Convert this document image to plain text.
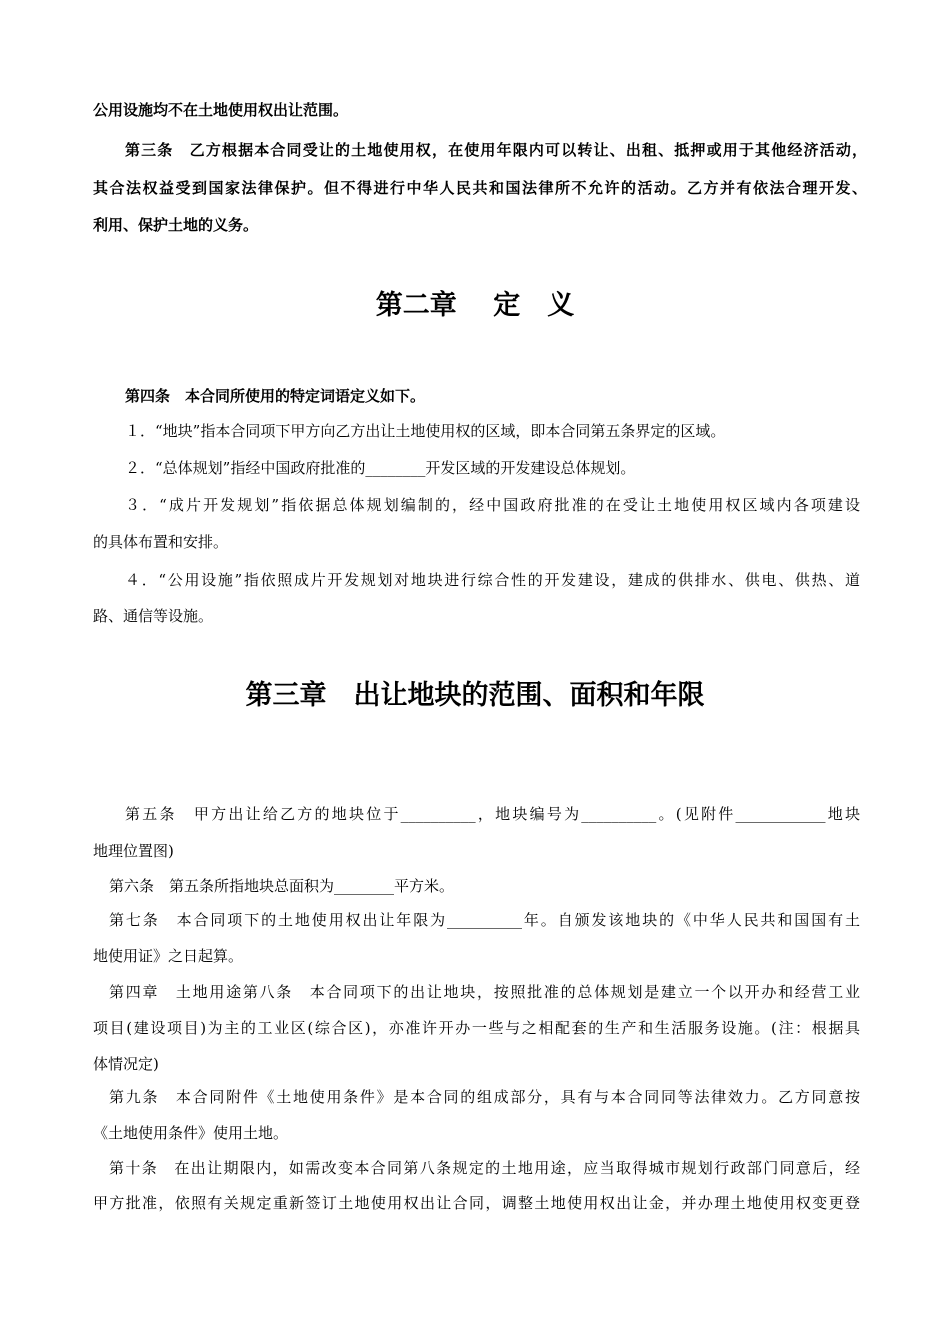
公用设施均不在土地使用权出让范围。
第三条　乙方根据本合同受让的土地使用权，在使用年限内可以转让、出租、抵押或用于其他经济活动，
其合法权益受到国家法律保护。但不得进行中华人民共和国法律所不允许的活动。乙方并有依法合理开发、
利用、保护土地的义务。
第二章　 定　义
第四条　本合同所使用的特定词语定义如下。
１．“地块”指本合同项下甲方向乙方出让土地使用权的区域，即本合同第五条界定的区域。
２．“总体规划”指经中国政府批准的________开发区域的开发建设总体规划。
３．“成片开发规划”指依据总体规划编制的，经中国政府批准的在受让土地使用权区域内各项建设
的具体布置和安排。
４．“公用设施”指依照成片开发规划对地块进行综合性的开发建设，建成的供排水、供电、供热、道
路、通信等设施。
第三章　出让地块的范围、面积和年限
第五条　甲方出让给乙方的地块位于__________，地块编号为__________。(见附件____________地块
地理位置图)
第六条　第五条所指地块总面积为________平方米。
第七条　本合同项下的土地使用权出让年限为__________年。自颁发该地块的《中华人民共和国国有土
地使用证》之日起算。
第四章　土地用途第八条　本合同项下的出让地块，按照批准的总体规划是建立一个以开办和经营工业
项目(建设项目)为主的工业区(综合区)，亦准许开办一些与之相配套的生产和生活服务设施。(注：根据具
体情况定)
第九条　本合同附件《土地使用条件》是本合同的组成部分，具有与本合同同等法律效力。乙方同意按
《土地使用条件》使用土地。
第十条　在出让期限内，如需改变本合同第八条规定的土地用途，应当取得城市规划行政部门同意后，经
甲方批准，依照有关规定重新签订土地使用权出让合同，调整土地使用权出让金，并办理土地使用权变更登
